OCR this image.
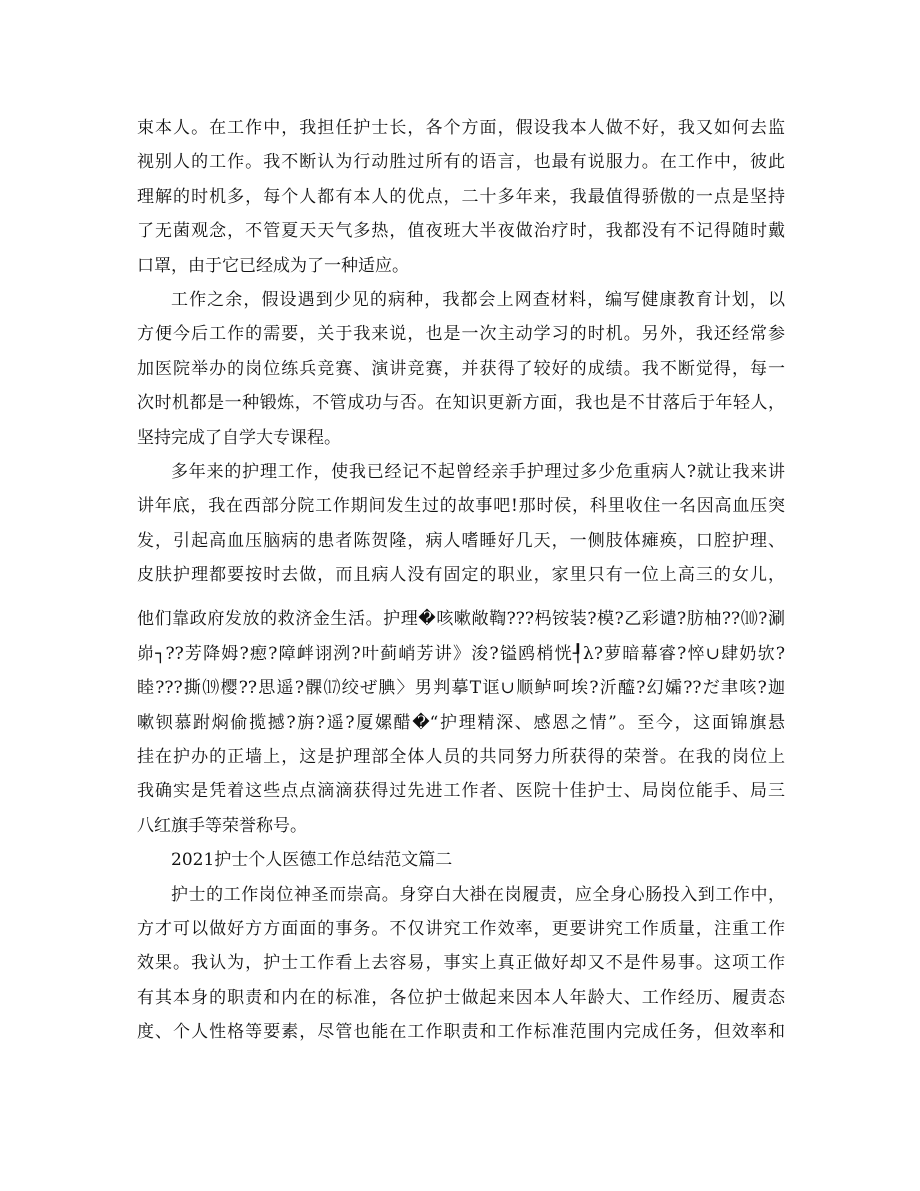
束本人。在工作中，我担任护士长，各个方面，假设我本人做不好，我又如何去监
视别人的工作。我不断认为行动胜过所有的语言，也最有说服力。在工作中，彼此
理解的时机多，每个人都有本人的优点，二十多年来，我最值得骄傲的一点是坚持
了无菌观念，不管夏天天气多热，值夜班大半夜做治疗时，我都没有不记得随时戴
口罩，由于它已经成为了一种适应。
工作之余，假设遇到少见的病种，我都会上网查材料，编写健康教育计划，以
方便今后工作的需要，关于我来说，也是一次主动学习的时机。另外，我还经常参
加医院举办的岗位练兵竞赛、演讲竞赛，并获得了较好的成绩。我不断觉得，每一
次时机都是一种锻炼，不管成功与否。在知识更新方面，我也是不甘落后于年轻人，
坚持完成了自学大专课程。
多年来的护理工作，使我已经记不起曾经亲手护理过多少危重病人?就让我来讲
讲年底，我在西部分院工作期间发生过的故事吧!那时侯，科里收住一名因高血压突
发，引起高血压脑病的患者陈贺隆，病人嗜睡好几天，一侧肢体瘫痪，口腔护理、
皮肤护理都要按时去做，而且病人没有固定的职业，家里只有一位上高三的女儿，
他们靠政府发放的救济金生活。护理�咳嗽敞鞫???杩铵装?模?乙彩谴?肪柚??⑽?涮
峁┐??芳降姆?瘛?障衅诩洌?叶蓟峭芳讲》浚?镒鸥梢恍┦λ?萝暗幕睿?悴∪肆奶欤?
睦???撕⒆樱??思遥?髁⒄绞ぜ腆〉男判摹T诓∪顺鲈呵埃?沂醯?幻孀??だ聿咳?迦
嗽钡慕跗焖偷揽撼?旃?遥?厦嫘醋�“护理精深、感恩之情”。至今，这面锦旗悬
挂在护办的正墙上，这是护理部全体人员的共同努力所获得的荣誉。在我的岗位上
我确实是凭着这些点点滴滴获得过先进工作者、医院十佳护士、局岗位能手、局三
八红旗手等荣誉称号。
2021护士个人医德工作总结范文篇二
护士的工作岗位神圣而崇高。身穿白大褂在岗履责，应全身心肠投入到工作中，
方才可以做好方方面面的事务。不仅讲究工作效率，更要讲究工作质量，注重工作
效果。我认为，护士工作看上去容易，事实上真正做好却又不是件易事。这项工作
有其本身的职责和内在的标准，各位护士做起来因本人年龄大、工作经历、履责态
度、个人性格等要素，尽管也能在工作职责和工作标准范围内完成任务，但效率和
